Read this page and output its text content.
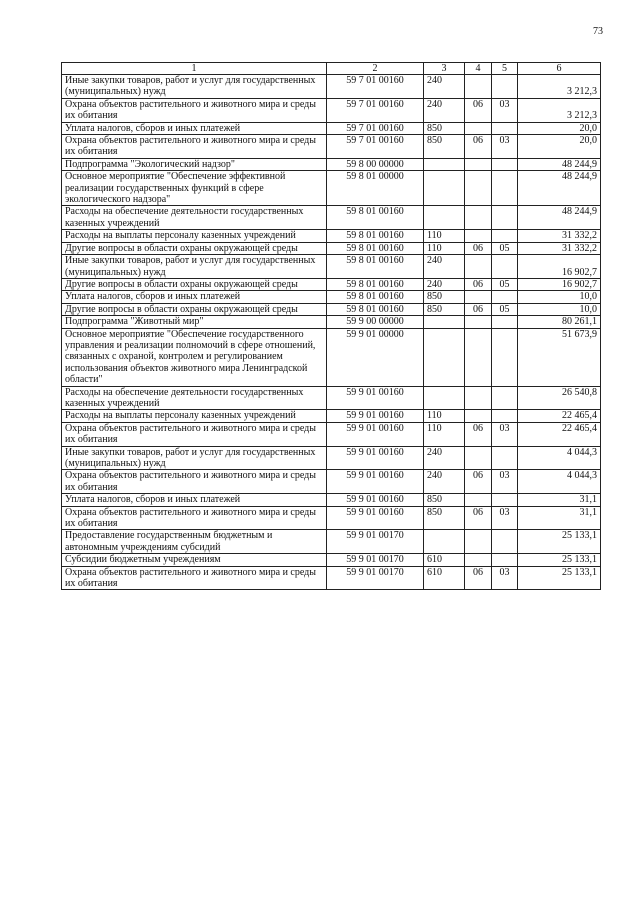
73
1	2	3	4	5	6
Иные закупки товаров, работ и услуг для государственных (муниципальных) нужд	59 7 01 00160	240			3 212,3
Охрана объектов растительного и животного мира и среды их обитания	59 7 01 00160	240	06	03	3 212,3
Уплата налогов, сборов и иных платежей	59 7 01 00160	850			20,0
Охрана объектов растительного и животного мира и среды их обитания	59 7 01 00160	850	06	03	20,0
Подпрограмма "Экологический надзор"	59 8 00 00000				48 244,9
Основное мероприятие "Обеспечение эффективной реализации государственных функций в сфере экологического надзора"	59 8 01 00000				48 244,9
Расходы на обеспечение деятельности государственных казенных учреждений	59 8 01 00160				48 244,9
Расходы на выплаты персоналу казенных учреждений	59 8 01 00160	110			31 332,2
Другие вопросы в области охраны окружающей среды	59 8 01 00160	110	06	05	31 332,2
Иные закупки товаров, работ и услуг для государственных (муниципальных) нужд	59 8 01 00160	240			16 902,7
Другие вопросы в области охраны окружающей среды	59 8 01 00160	240	06	05	16 902,7
Уплата налогов, сборов и иных платежей	59 8 01 00160	850			10,0
Другие вопросы в области охраны окружающей среды	59 8 01 00160	850	06	05	10,0
Подпрограмма "Животный мир"	59 9 00 00000				80 261,1
Основное мероприятие "Обеспечение государственного управления и реализации полномочий в сфере отношений, связанных с охраной, контролем и регулированием использования объектов животного мира Ленинградской области"	59 9 01 00000				51 673,9
Расходы на обеспечение деятельности государственных казенных учреждений	59 9 01 00160				26 540,8
Расходы на выплаты персоналу казенных учреждений	59 9 01 00160	110			22 465,4
Охрана объектов растительного и животного мира и среды их обитания	59 9 01 00160	110	06	03	22 465,4
Иные закупки товаров, работ и услуг для государственных (муниципальных) нужд	59 9 01 00160	240			4 044,3
Охрана объектов растительного и животного мира и среды их обитания	59 9 01 00160	240	06	03	4 044,3
Уплата налогов, сборов и иных платежей	59 9 01 00160	850			31,1
Охрана объектов растительного и животного мира и среды их обитания	59 9 01 00160	850	06	03	31,1
Предоставление государственным бюджетным и автономным учреждениям субсидий	59 9 01 00170				25 133,1
Субсидии бюджетным учреждениям	59 9 01 00170	610			25 133,1
Охрана объектов растительного и животного мира и среды их обитания	59 9 01 00170	610	06	03	25 133,1
